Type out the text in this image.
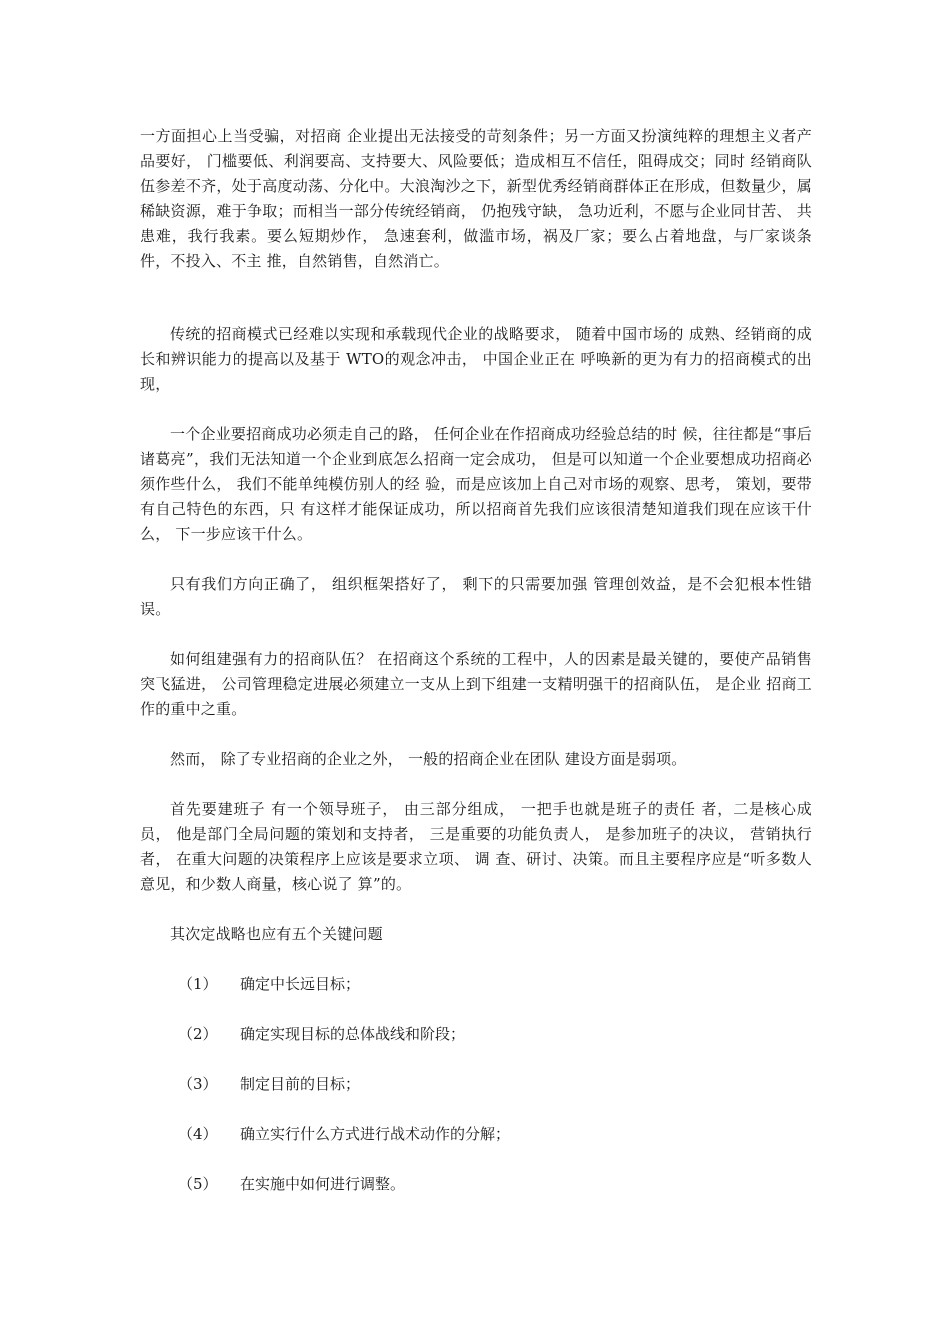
一方面担心上当受骗，对招商 企业提出无法接受的苛刻条件；另一方面又扮演纯粹的理想主义者产品要好， 门槛要低、利润要高、支持要大、风险要低；造成相互不信任，阻碍成交；同时 经销商队伍参差不齐，处于高度动荡、分化中。大浪淘沙之下，新型优秀经销商群体正在形成，但数量少，属稀缺资源，难于争取；而相当一部分传统经销商， 仍抱残守缺， 急功近利，不愿与企业同甘苦、 共患难，我行我素。要么短期炒作， 急速套利，做滥市场，祸及厂家；要么占着地盘，与厂家谈条件，不投入、不主 推，自然销售，自然消亡。

传统的招商模式已经难以实现和承载现代企业的战略要求， 随着中国市场的 成熟、经销商的成长和辨识能力的提高以及基于 WTO的观念冲击， 中国企业正在 呼唤新的更为有力的招商模式的出现，

一个企业要招商成功必须走自己的路， 任何企业在作招商成功经验总结的时 候，往往都是“事后诸葛亮”，我们无法知道一个企业到底怎么招商一定会成功， 但是可以知道一个企业要想成功招商必须作些什么， 我们不能单纯模仿别人的经 验，而是应该加上自己对市场的观察、思考， 策划，要带有自己特色的东西，只 有这样才能保证成功，所以招商首先我们应该很清楚知道我们现在应该干什么， 下一步应该干什么。

只有我们方向正确了， 组织框架搭好了， 剩下的只需要加强 管理创效益，是不会犯根本性错误。

如何组建强有力的招商队伍？ 在招商这个系统的工程中，人的因素是最关键的，要使产品销售突飞猛进， 公司管理稳定进展必须建立一支从上到下组建一支精明强干的招商队伍， 是企业 招商工作的重中之重。

然而， 除了专业招商的企业之外， 一般的招商企业在团队 建设方面是弱项。

首先要建班子 有一个领导班子， 由三部分组成， 一把手也就是班子的责任 者，二是核心成员， 他是部门全局问题的策划和支持者， 三是重要的功能负责人， 是参加班子的决议， 营销执行者， 在重大问题的决策程序上应该是要求立项、 调 查、研讨、决策。而且主要程序应是“听多数人意见，和少数人商量，核心说了 算”的。

其次定战略也应有五个关键问题

（1） 确定中长远目标；
（2） 确定实现目标的总体战线和阶段；
（3） 制定目前的目标；
（4） 确立实行什么方式进行战术动作的分解；
（5） 在实施中如何进行调整。
